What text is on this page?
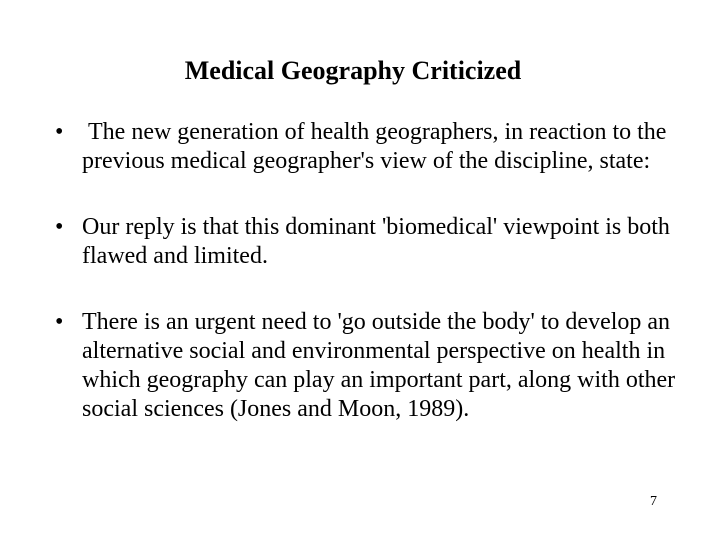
Medical Geography Criticized
• The new generation of health geographers, in reaction to the previous medical geographer's view of the discipline, state:
• Our reply is that this dominant 'biomedical' viewpoint is both flawed and limited.
• There is an urgent need to 'go outside the body' to develop an alternative social and environmental perspective on health in which geography can play an important part, along with other social sciences (Jones and Moon, 1989).
7
